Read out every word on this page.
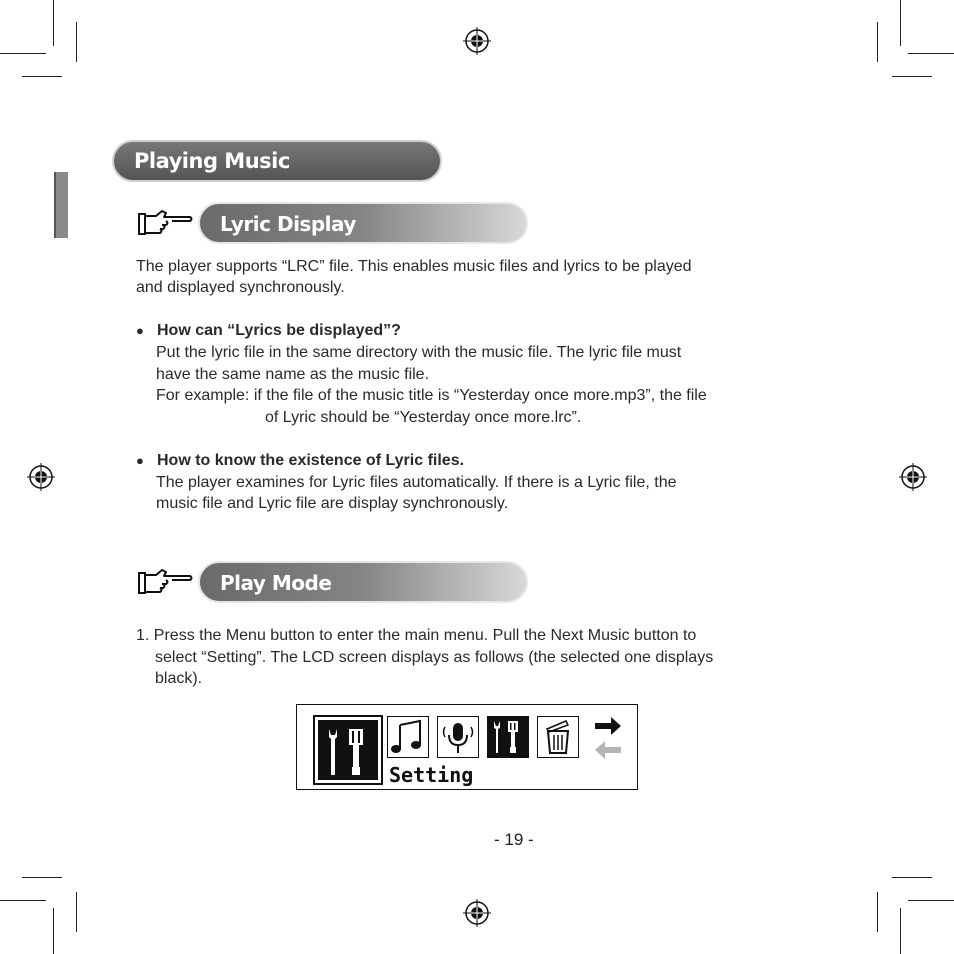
Playing Music
Lyric Display
The player supports “LRC” file. This enables music files and lyrics to be played
and displayed synchronously.
● How can “Lyrics be displayed”?
Put the lyric file in the same directory with the music file. The lyric file must
have the same name as the music file.
For example: if the file of the music title is “Yesterday once more.mp3”, the file
of Lyric should be “Yesterday once more.lrc”.
● How to know the existence of Lyric files.
The player examines for Lyric files automatically. If there is a Lyric file, the
music file and Lyric file are display synchronously.
Play Mode
1. Press the Menu button to enter the main menu. Pull the Next Music button to
select “Setting”. The LCD screen displays as follows (the selected one displays
black).
Setting
- 19 -
